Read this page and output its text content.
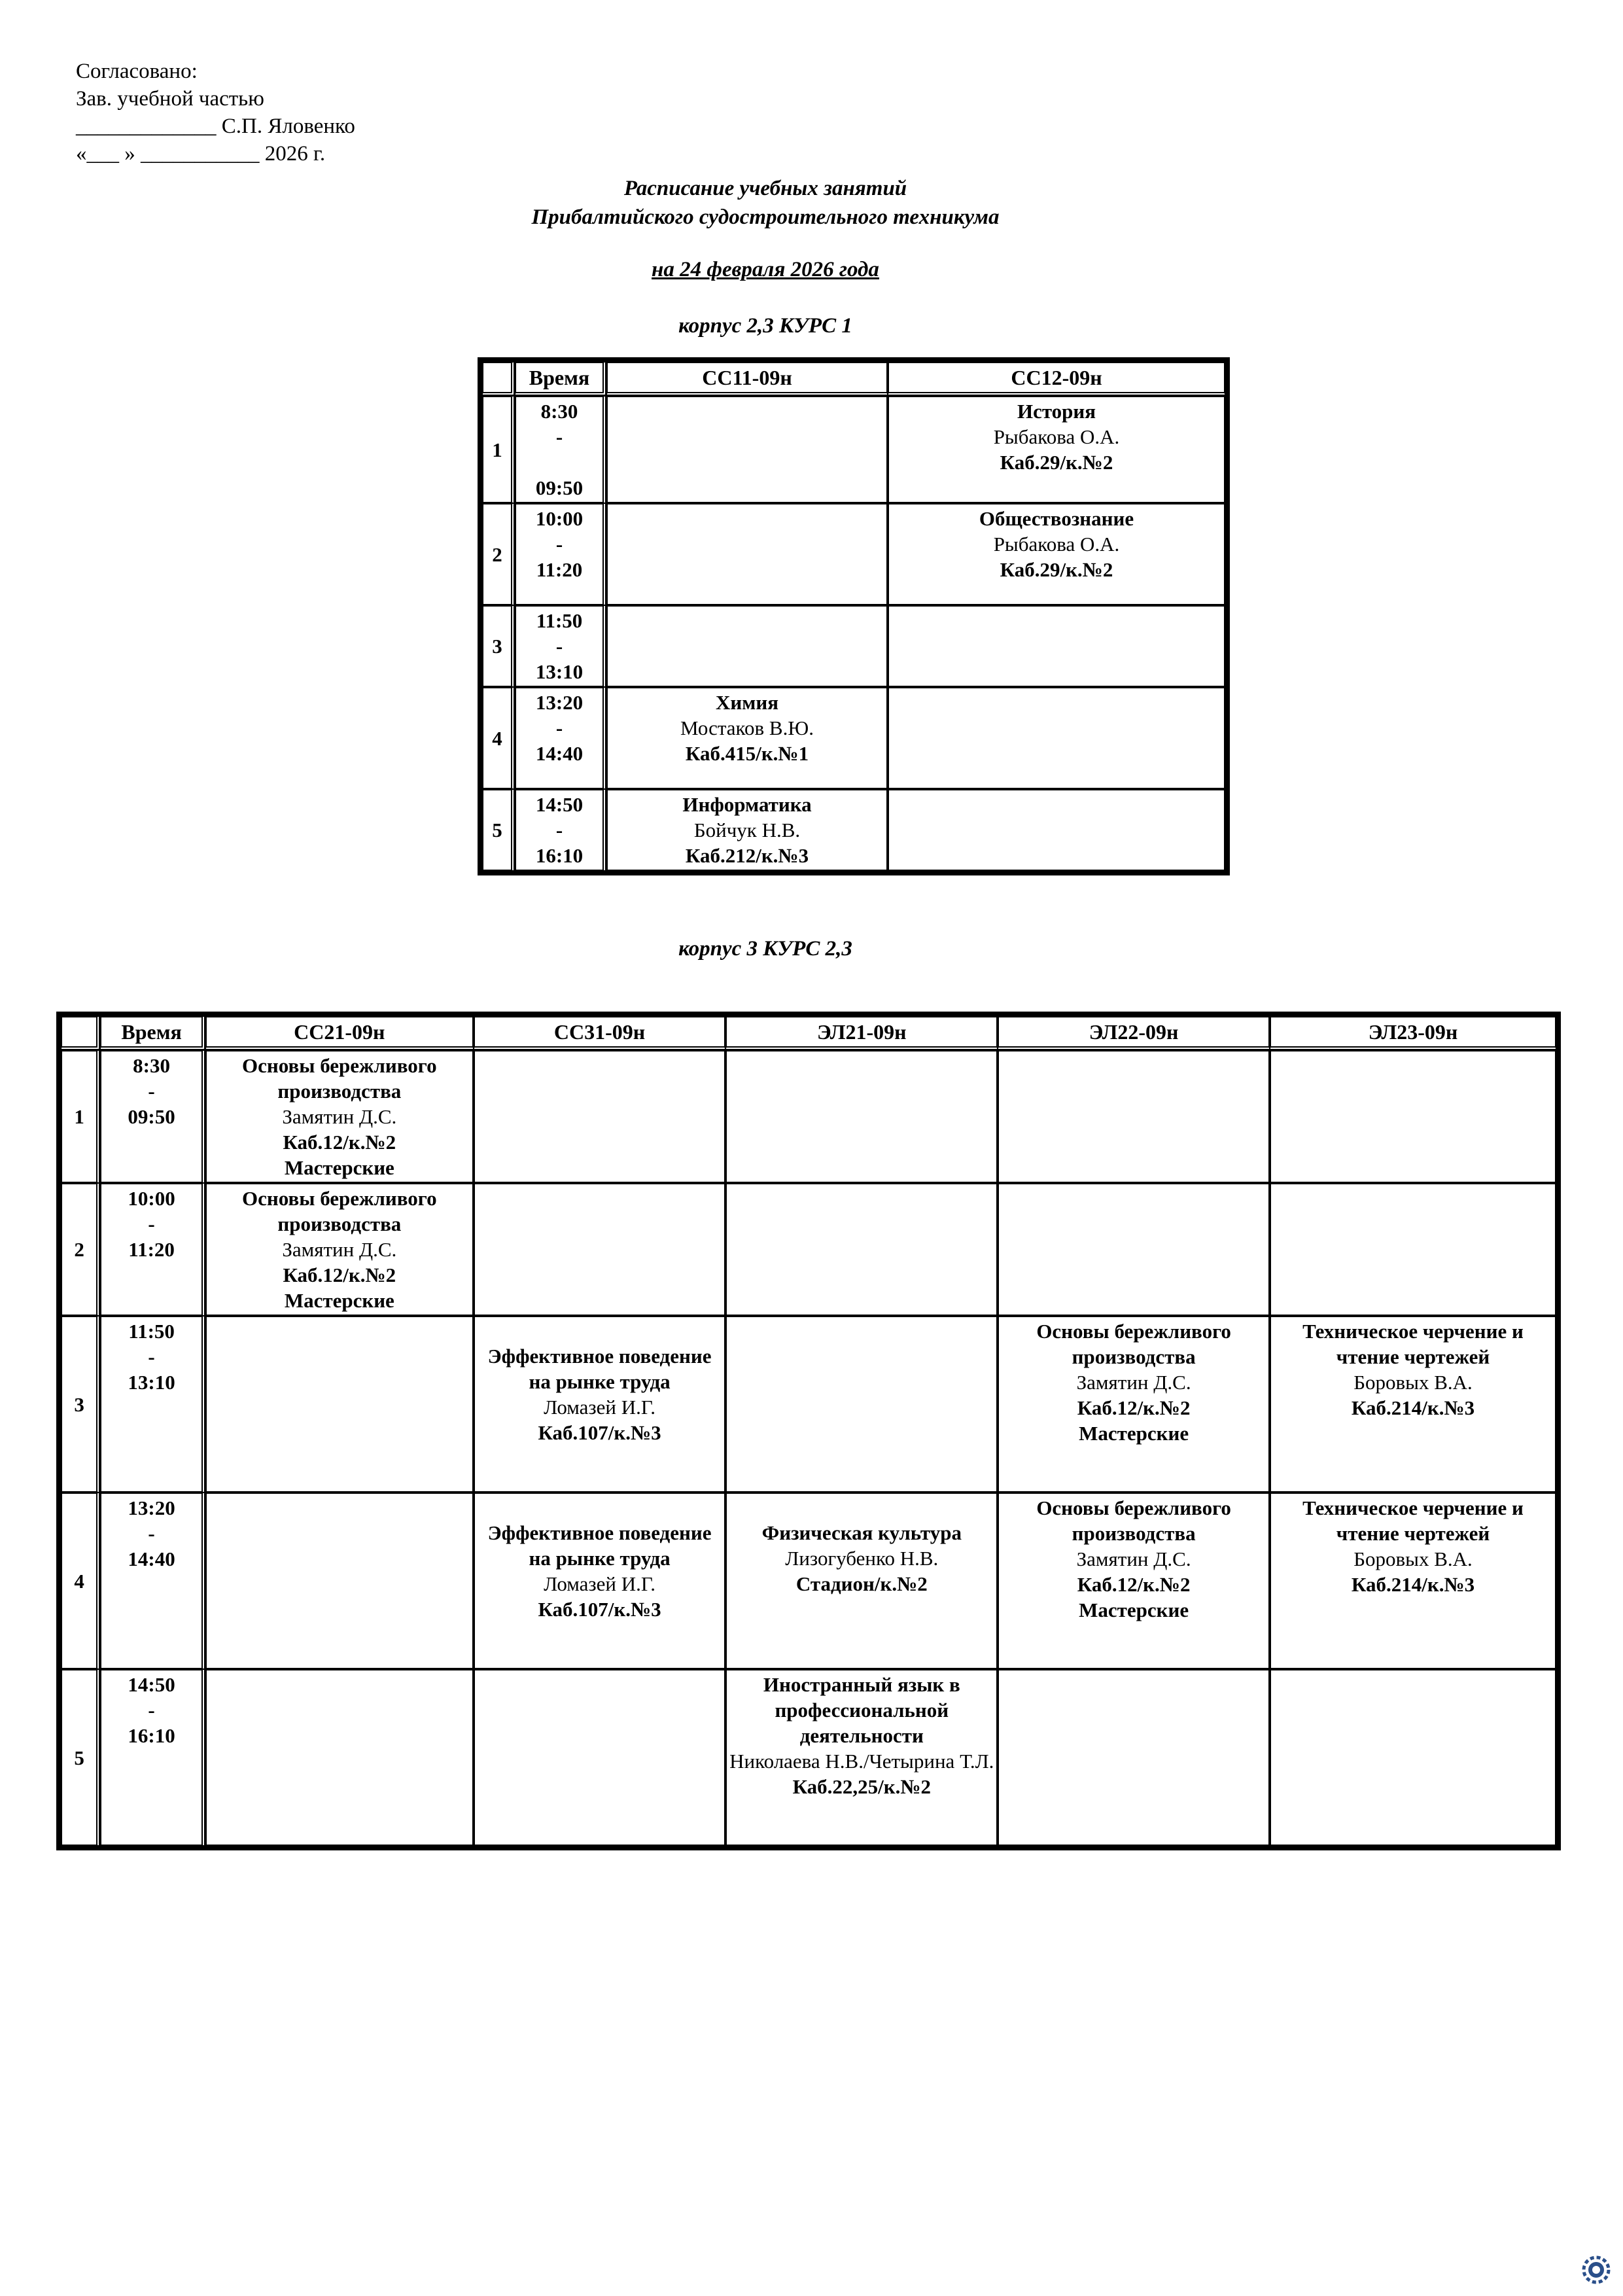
Согласовано:
Зав. учебной частью
_____________ С.П. Яловенко
«___ » ___________ 2026 г.
Расписание учебных занятий
Прибалтийского судостроительного техникума
на 24 февраля 2026 года
корпус 2,3 КУРС 1
корпус 3 КУРС 2,3
	Время	СС11-09н	СС12-09н
1	8:30
-

09:50		История
Рыбакова О.А.
Каб.29/к.№2

2	10:00
-
11:20		Обществознание
Рыбакова О.А.
Каб.29/к.№2

3	11:50
-
13:10		

4	13:20
-
14:40	Химия
Мостаков В.Ю.
Каб.415/к.№1	

5	14:50
-
16:10	Информатика
Бойчук Н.В.
Каб.212/к.№3	

	Время	СС21-09н	СС31-09н	ЭЛ21-09н	ЭЛ22-09н	ЭЛ23-09н
1	8:30
-
09:50	Основы бережливого производства
Замятин Д.С.
Каб.12/к.№2
Мастерские				

2	10:00
-
11:20	Основы бережливого производства
Замятин Д.С.
Каб.12/к.№2
Мастерские				

3	11:50
-
13:10		Эффективное поведение на рынке труда
Ломазей И.Г.
Каб.107/к.№3		Основы бережливого производства
Замятин Д.С.
Каб.12/к.№2
Мастерские	Техническое черчение и чтение чертежей
Боровых В.А.
Каб.214/к.№3

4	13:20
-
14:40		Эффективное поведение на рынке труда
Ломазей И.Г.
Каб.107/к.№3	Физическая культура
Лизогубенко Н.В.
Стадион/к.№2	Основы бережливого производства
Замятин Д.С.
Каб.12/к.№2
Мастерские	Техническое черчение и чтение чертежей
Боровых В.А.
Каб.214/к.№3

5	14:50
-
16:10			Иностранный язык в профессиональной деятельности
Николаева Н.В./Четырина Т.Л.
Каб.22,25/к.№2		
